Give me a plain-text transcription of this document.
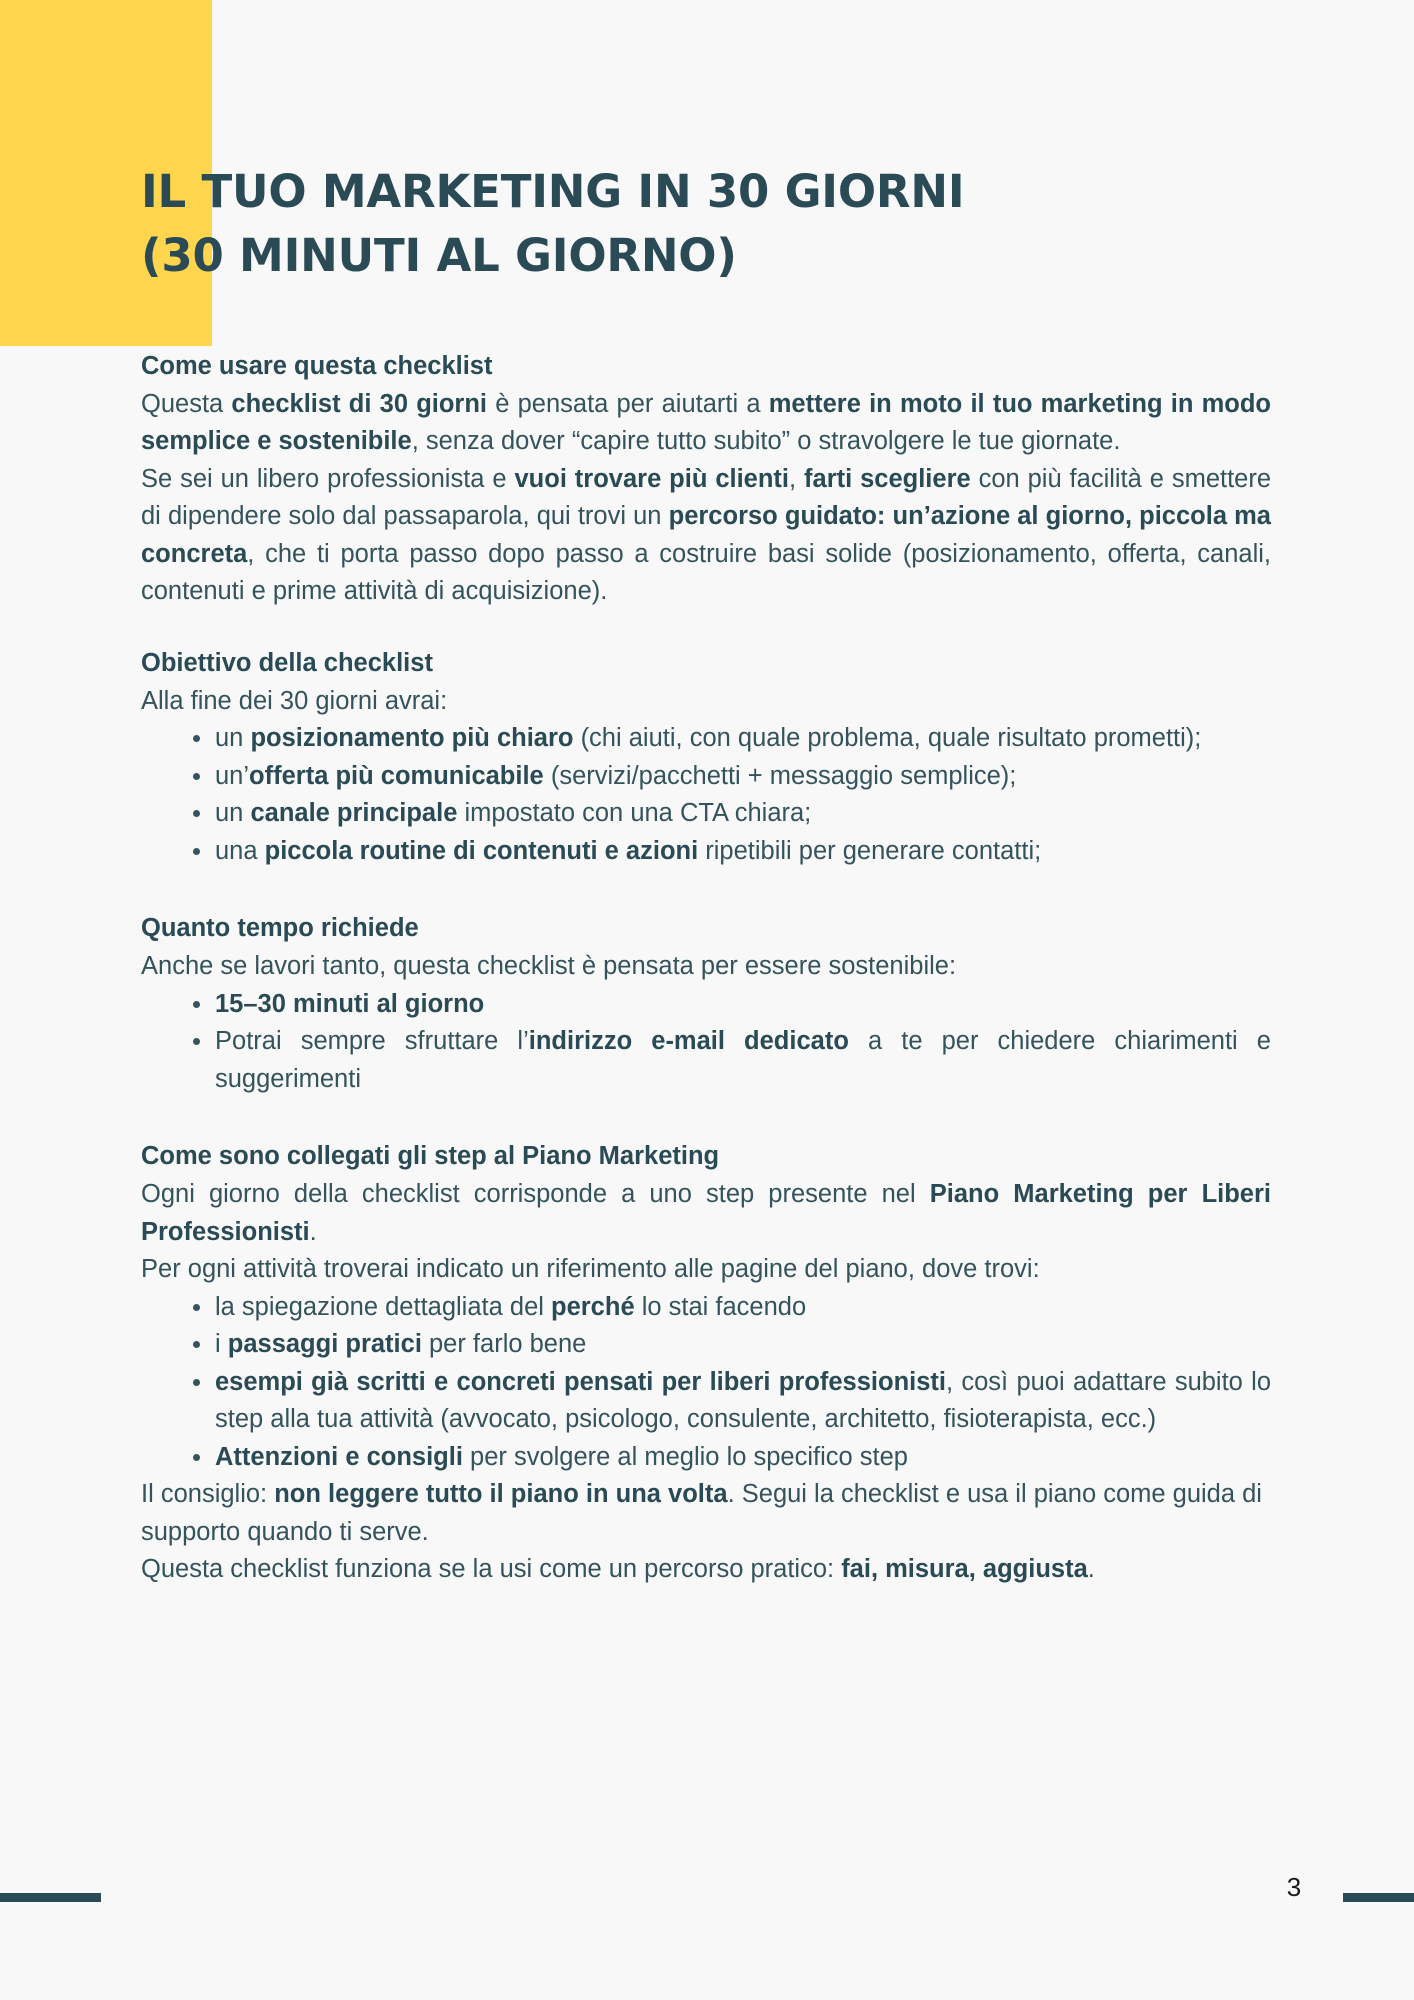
IL TUO MARKETING IN 30 GIORNI
(30 MINUTI AL GIORNO)
Come usare questa checklist

Questa checklist di 30 giorni è pensata per aiutarti a mettere in moto il tuo marketing in modo semplice e sostenibile, senza dover “capire tutto subito” o stravolgere le tue giornate.

Se sei un libero professionista e vuoi trovare più clienti, farti scegliere con più facilità e smettere di dipendere solo dal passaparola, qui trovi un percorso guidato: un’azione al giorno, piccola ma concreta, che ti porta passo dopo passo a costruire basi solide (posizionamento, offerta, canali, contenuti e prime attività di acquisizione).

Obiettivo della checklist

Alla fine dei 30 giorni avrai:

un posizionamento più chiaro (chi aiuti, con quale problema, quale risultato prometti);
un’offerta più comunicabile (servizi/pacchetti + messaggio semplice);
un canale principale impostato con una CTA chiara;
una piccola routine di contenuti e azioni ripetibili per generare contatti;
Quanto tempo richiede

Anche se lavori tanto, questa checklist è pensata per essere sostenibile:

15–30 minuti al giorno
Potrai sempre sfruttare l’indirizzo e-mail dedicato a te per chiedere chiarimenti e suggerimenti
Come sono collegati gli step al Piano Marketing

Ogni giorno della checklist corrisponde a uno step presente nel Piano Marketing per Liberi Professionisti.

Per ogni attività troverai indicato un riferimento alle pagine del piano, dove trovi:

la spiegazione dettagliata del perché lo stai facendo
i passaggi pratici per farlo bene
esempi già scritti e concreti pensati per liberi professionisti, così puoi adattare subito lo step alla tua attività (avvocato, psicologo, consulente, architetto, fisioterapista, ecc.)
Attenzioni e consigli per svolgere al meglio lo specifico step

Il consiglio: non leggere tutto il piano in una volta. Segui la checklist e usa il piano come guida di supporto quando ti serve.

Questa checklist funziona se la usi come un percorso pratico: fai, misura, aggiusta.

3
